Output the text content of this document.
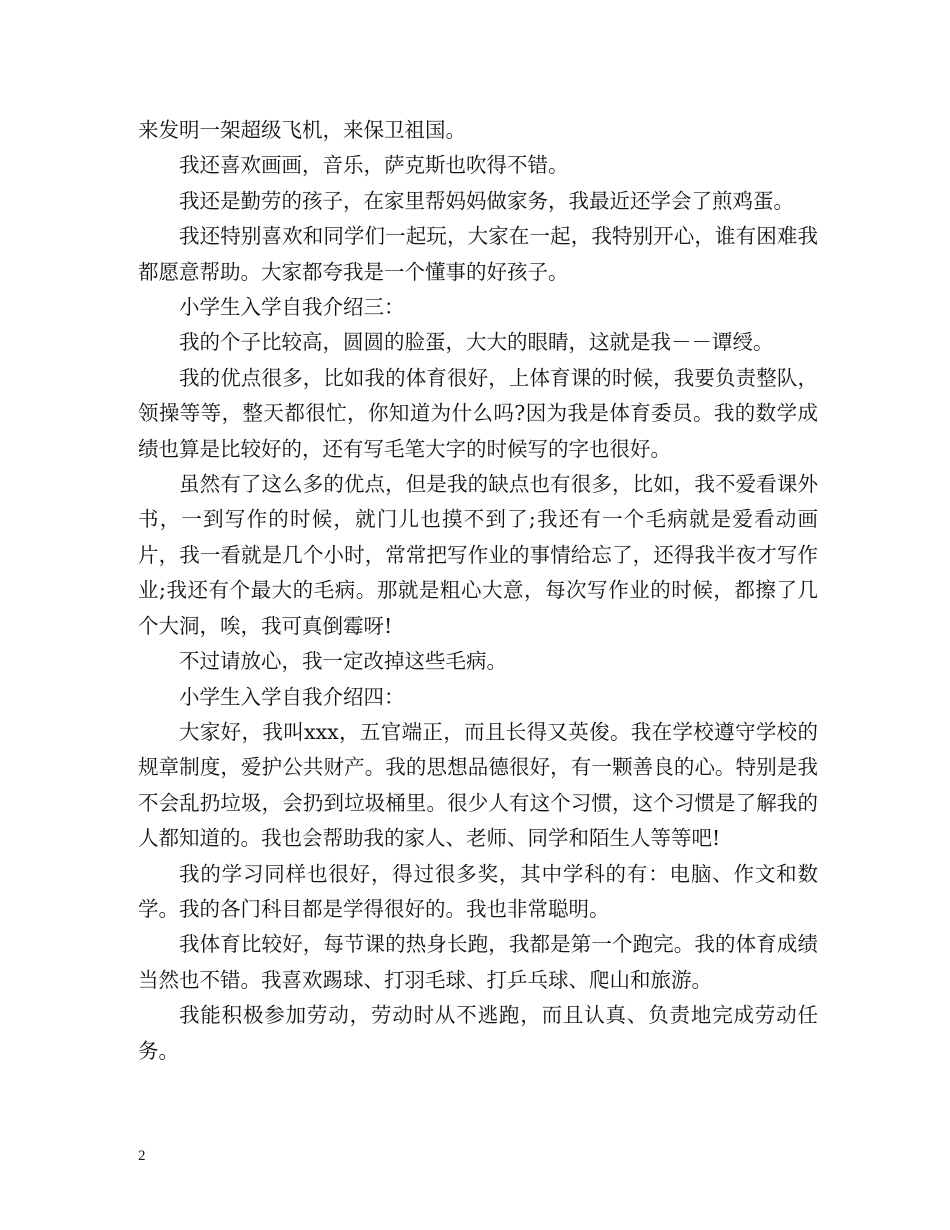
来发明一架超级飞机，来保卫祖国。

我还喜欢画画，音乐，萨克斯也吹得不错。

我还是勤劳的孩子，在家里帮妈妈做家务，我最近还学会了煎鸡蛋。

我还特别喜欢和同学们一起玩，大家在一起，我特别开心，谁有困难我都愿意帮助。大家都夸我是一个懂事的好孩子。

小学生入学自我介绍三：

我的个子比较高，圆圆的脸蛋，大大的眼睛，这就是我－－谭绶。

我的优点很多，比如我的体育很好，上体育课的时候，我要负责整队，领操等等，整天都很忙，你知道为什么吗?因为我是体育委员。我的数学成绩也算是比较好的，还有写毛笔大字的时候写的字也很好。

虽然有了这么多的优点，但是我的缺点也有很多，比如，我不爱看课外书，一到写作的时候，就门儿也摸不到了;我还有一个毛病就是爱看动画片，我一看就是几个小时，常常把写作业的事情给忘了，还得我半夜才写作业;我还有个最大的毛病。那就是粗心大意，每次写作业的时候，都擦了几个大洞，唉，我可真倒霉呀!

不过请放心，我一定改掉这些毛病。

小学生入学自我介绍四：

大家好，我叫xxx，五官端正，而且长得又英俊。我在学校遵守学校的规章制度，爱护公共财产。我的思想品德很好，有一颗善良的心。特别是我不会乱扔垃圾，会扔到垃圾桶里。很少人有这个习惯，这个习惯是了解我的人都知道的。我也会帮助我的家人、老师、同学和陌生人等等吧!

我的学习同样也很好，得过很多奖，其中学科的有：电脑、作文和数学。我的各门科目都是学得很好的。我也非常聪明。

我体育比较好，每节课的热身长跑，我都是第一个跑完。我的体育成绩当然也不错。我喜欢踢球、打羽毛球、打乒乓球、爬山和旅游。

我能积极参加劳动，劳动时从不逃跑，而且认真、负责地完成劳动任务。

2
